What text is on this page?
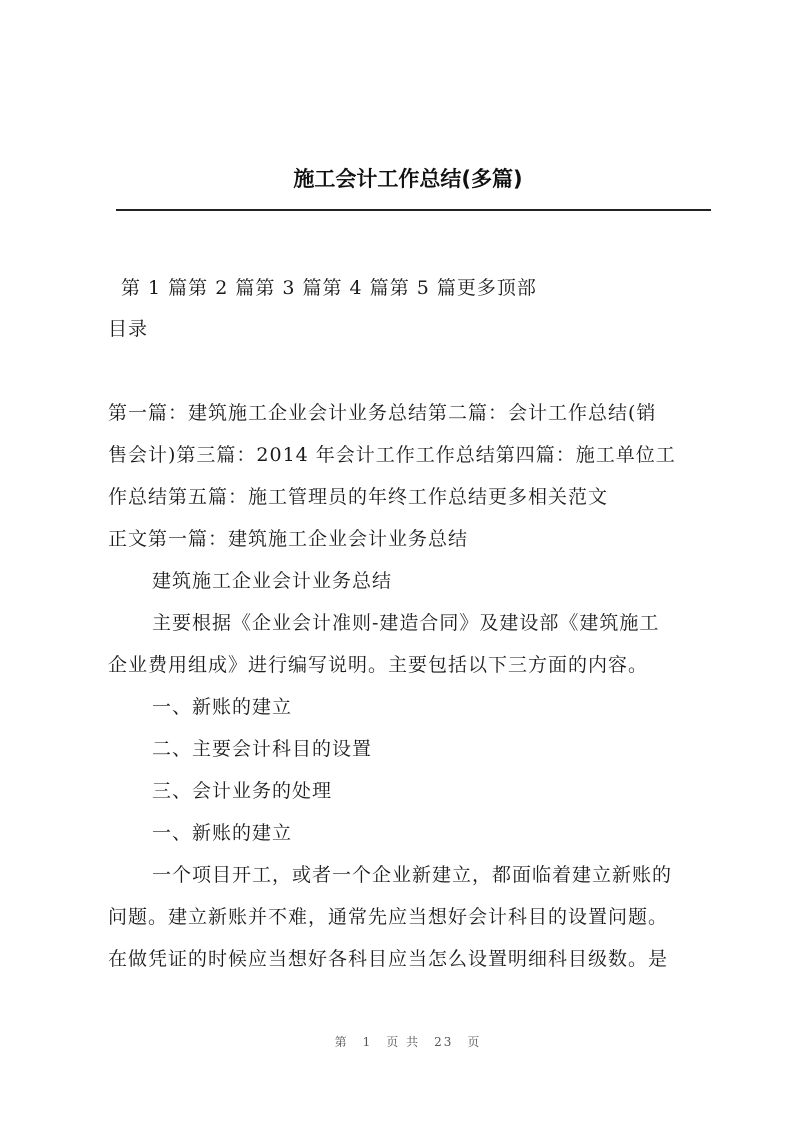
施工会计工作总结(多篇)
第 1 篇 第 2 篇 第 3 篇 第 4 篇 第 5 篇 更多 顶部
目录
第一篇：建筑施工企业会计业务总结第二篇：会计工作总结(销
售会计)第三篇：2014 年会计工作工作总结第四篇：施工单位工
作总结第五篇：施工管理员的年终工作总结更多相关范文
正文第一篇：建筑施工企业会计业务总结
建筑施工企业会计业务总结
主要根据《企业会计准则-建造合同》及建设部《建筑施工
企业费用组成》进行编写说明。主要包括以下三方面的内容。
一、新账的建立
二、主要会计科目的设置
三、会计业务的处理
一、新账的建立
一个项目开工，或者一个企业新建立，都面临着建立新账的
问题。建立新账并不难，通常先应当想好会计科目的设置问题。
在做凭证的时候应当想好各科目应当怎么设置明细科目级数。是
第　1　页 共　23　页
